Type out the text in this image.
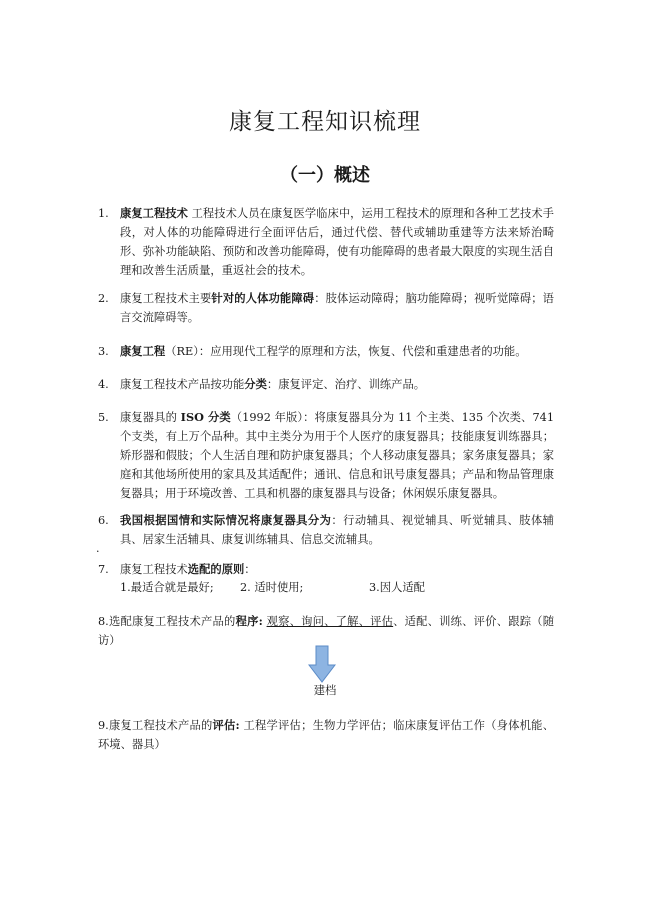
康复工程知识梳理
（一）概述
1. 康复工程技术 工程技术人员在康复医学临床中，运用工程技术的原理和各种工艺技术手段，对人体的功能障碍进行全面评估后，通过代偿、替代或辅助重建等方法来矫治畸形、弥补功能缺陷、预防和改善功能障碍，使有功能障碍的患者最大限度的实现生活自理和改善生活质量，重返社会的技术。
2. 康复工程技术主要针对的人体功能障碍：肢体运动障碍；脑功能障碍；视听觉障碍；语言交流障碍等。
3. 康复工程（RE）：应用现代工程学的原理和方法，恢复、代偿和重建患者的功能。
4. 康复工程技术产品按功能分类：康复评定、治疗、训练产品。
5. 康复器具的 ISO 分类（1992 年版）：将康复器具分为 11 个主类、135 个次类、741 个支类，有上万个品种。其中主类分为用于个人医疗的康复器具；技能康复训练器具；矫形器和假肢；个人生活自理和防护康复器具；个人移动康复器具；家务康复器具；家庭和其他场所使用的家具及其适配件；通讯、信息和讯号康复器具；产品和物品管理康复器具；用于环境改善、工具和机器的康复器具与设备；休闲娱乐康复器具。
6. 我国根据国情和实际情况将康复器具分为：行动辅具、视觉辅具、听觉辅具、肢体辅具、居家生活辅具、康复训练辅具、信息交流辅具。
.
7. 康复工程技术选配的原则：
1.最适合就是最好; 2. 适时使用;	3.因人适配
8.选配康复工程技术产品的程序: 观察、询问、了解、评估、适配、训练、评价、跟踪（随访）
建档
9.康复工程技术产品的评估: 工程学评估；生物力学评估；临床康复评估工作（身体机能、环境、器具）
